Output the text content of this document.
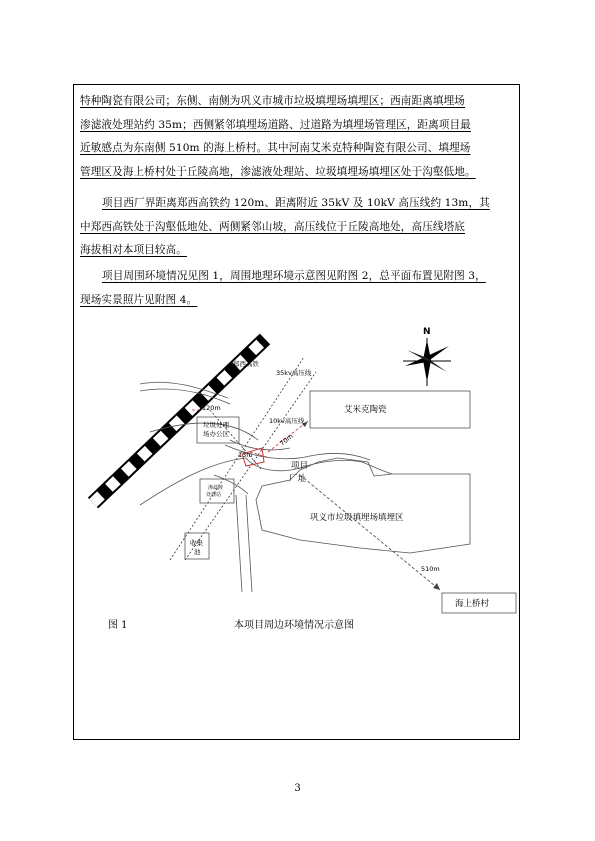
特种陶瓷有限公司；东侧、南侧为巩义市城市垃圾填埋场填埋区；西南距离填埋场
渗滤液处理站约 35m；西侧紧邻填埋场道路、过道路为填埋场管理区，距离项目最
近敏感点为东南侧 510m 的海上桥村。其中河南艾米克特种陶瓷有限公司、填埋场
管理区及海上桥村处于丘陵高地，渗滤液处理站、垃圾填埋场填埋区处于沟壑低地。
项目西厂界距离郑西高铁约 120m、距离附近 35kV 及 10kV 高压线约 13m，其
中郑西高铁处于沟壑低地处、两侧紧邻山坡，高压线位于丘陵高地处，高压线塔底
海拔相对本项目较高。
项目周围环境情况见图 1，周围地理环境示意图见附图 2，总平面布置见附图 3，
现场实景照片见附图 4。
N
郑西高铁
35kv高压线
10kv高压线
120m
13m
70m
510m
垃圾处理
场办公区
渗滤液
处理站
收集
池
项目
厂址
艾米克陶瓷
巩义市垃圾填埋场填埋区
海上桥村
图 1	本项目周边环境情况示意图
3
